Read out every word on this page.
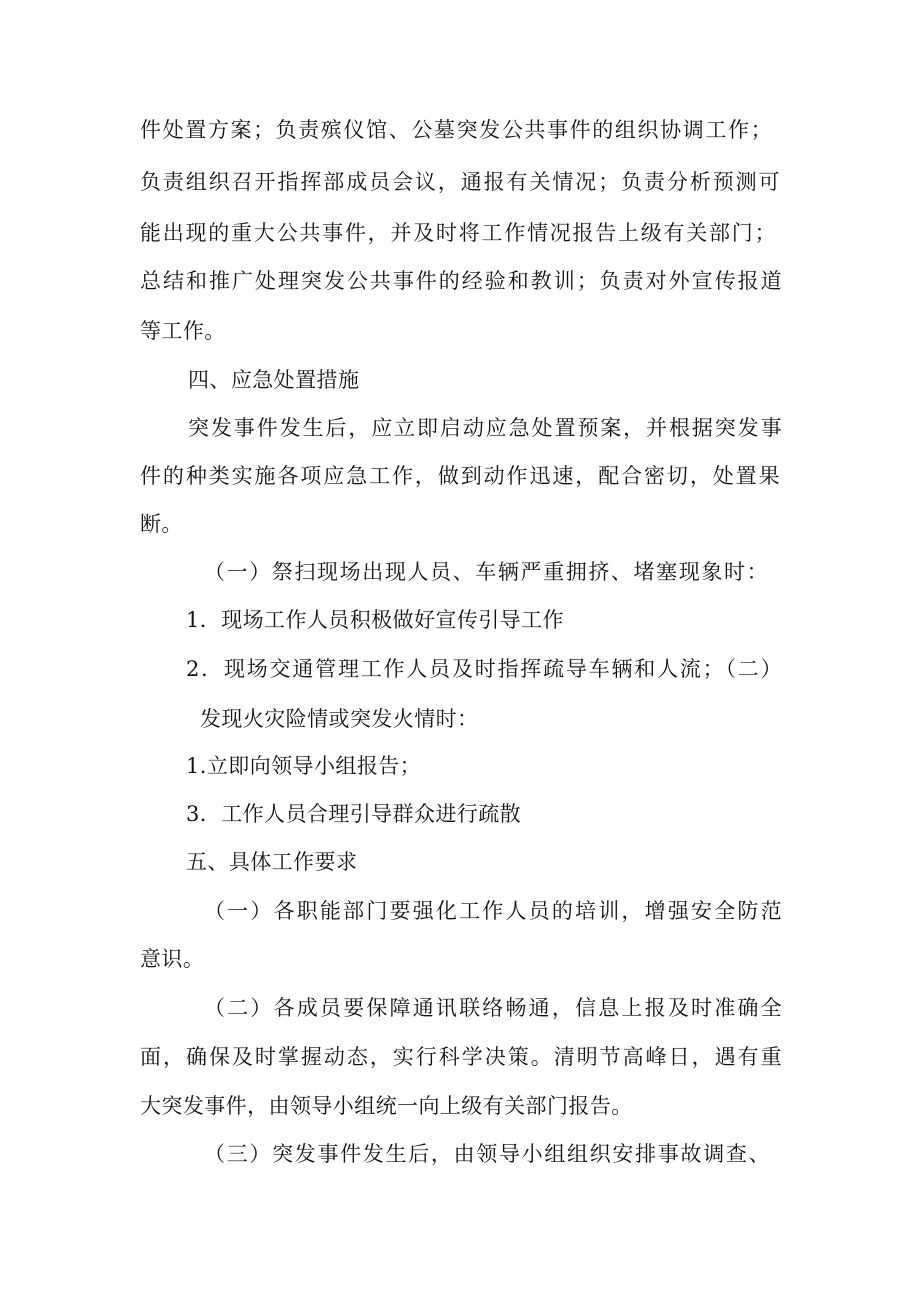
件处置方案；负责殡仪馆、公墓突发公共事件的组织协调工作；
负责组织召开指挥部成员会议，通报有关情况；负责分析预测可
能出现的重大公共事件，并及时将工作情况报告上级有关部门；
总结和推广处理突发公共事件的经验和教训；负责对外宣传报道
等工作。
四、应急处置措施
突发事件发生后，应立即启动应急处置预案，并根据突发事
件的种类实施各项应急工作，做到动作迅速，配合密切，处置果
断。
（一）祭扫现场出现人员、车辆严重拥挤、堵塞现象时：
1．现场工作人员积极做好宣传引导工作
2．现场交通管理工作人员及时指挥疏导车辆和人流；（二）
发现火灾险情或突发火情时：
1.立即向领导小组报告；
3．工作人员合理引导群众进行疏散
五、具体工作要求
（一）各职能部门要强化工作人员的培训，增强安全防范
意识。
（二）各成员要保障通讯联络畅通，信息上报及时准确全
面，确保及时掌握动态，实行科学决策。清明节高峰日，遇有重
大突发事件，由领导小组统一向上级有关部门报告。
（三）突发事件发生后，由领导小组组织安排事故调查、
